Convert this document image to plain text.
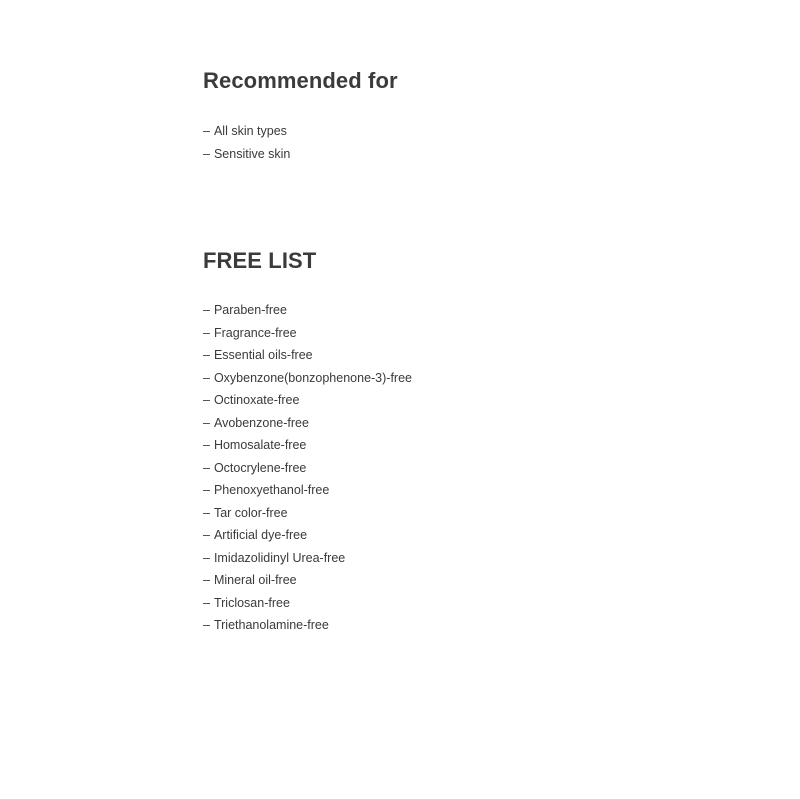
Recommended for
– All skin types
– Sensitive skin
FREE LIST
– Paraben-free
– Fragrance-free
– Essential oils-free
– Oxybenzone(bonzophenone-3)-free
– Octinoxate-free
– Avobenzone-free
– Homosalate-free
– Octocrylene-free
– Phenoxyethanol-free
– Tar color-free
– Artificial dye-free
– Imidazolidinyl Urea-free
– Mineral oil-free
– Triclosan-free
– Triethanolamine-free
